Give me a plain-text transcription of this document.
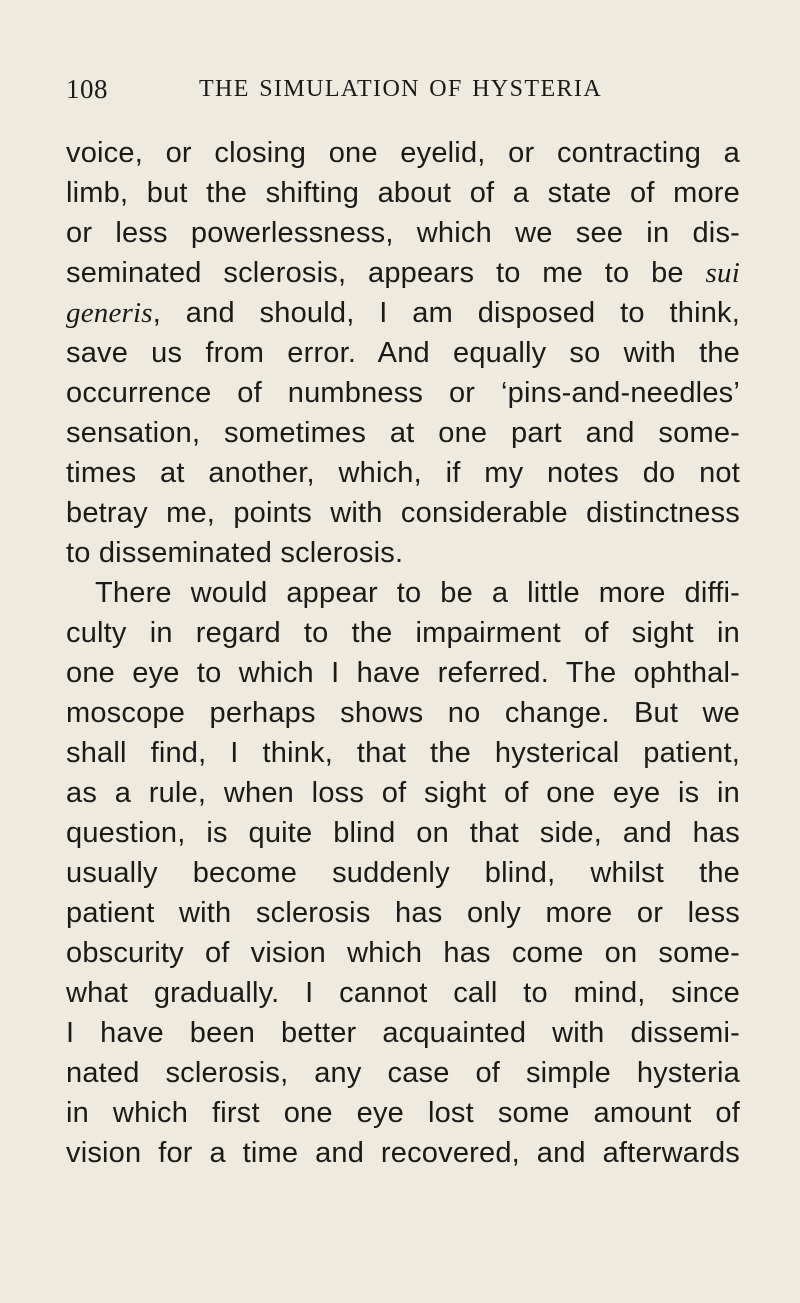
108	THE SIMULATION OF HYSTERIA
voice, or closing one eyelid, or contracting a
limb, but the shifting about of a state of more
or less powerlessness, which we see in dis-
seminated sclerosis, appears to me to be sui
generis, and should, I am disposed to think,
save us from error. And equally so with the
occurrence of numbness or ‘pins-and-needles’
sensation, sometimes at one part and some-
times at another, which, if my notes do not
betray me, points with considerable distinctness
to disseminated sclerosis.
There would appear to be a little more diffi-
culty in regard to the impairment of sight in
one eye to which I have referred. The ophthal-
moscope perhaps shows no change. But we
shall find, I think, that the hysterical patient,
as a rule, when loss of sight of one eye is in
question, is quite blind on that side, and has
usually become suddenly blind, whilst the
patient with sclerosis has only more or less
obscurity of vision which has come on some-
what gradually. I cannot call to mind, since
I have been better acquainted with dissemi-
nated sclerosis, any case of simple hysteria
in which first one eye lost some amount of
vision for a time and recovered, and afterwards
